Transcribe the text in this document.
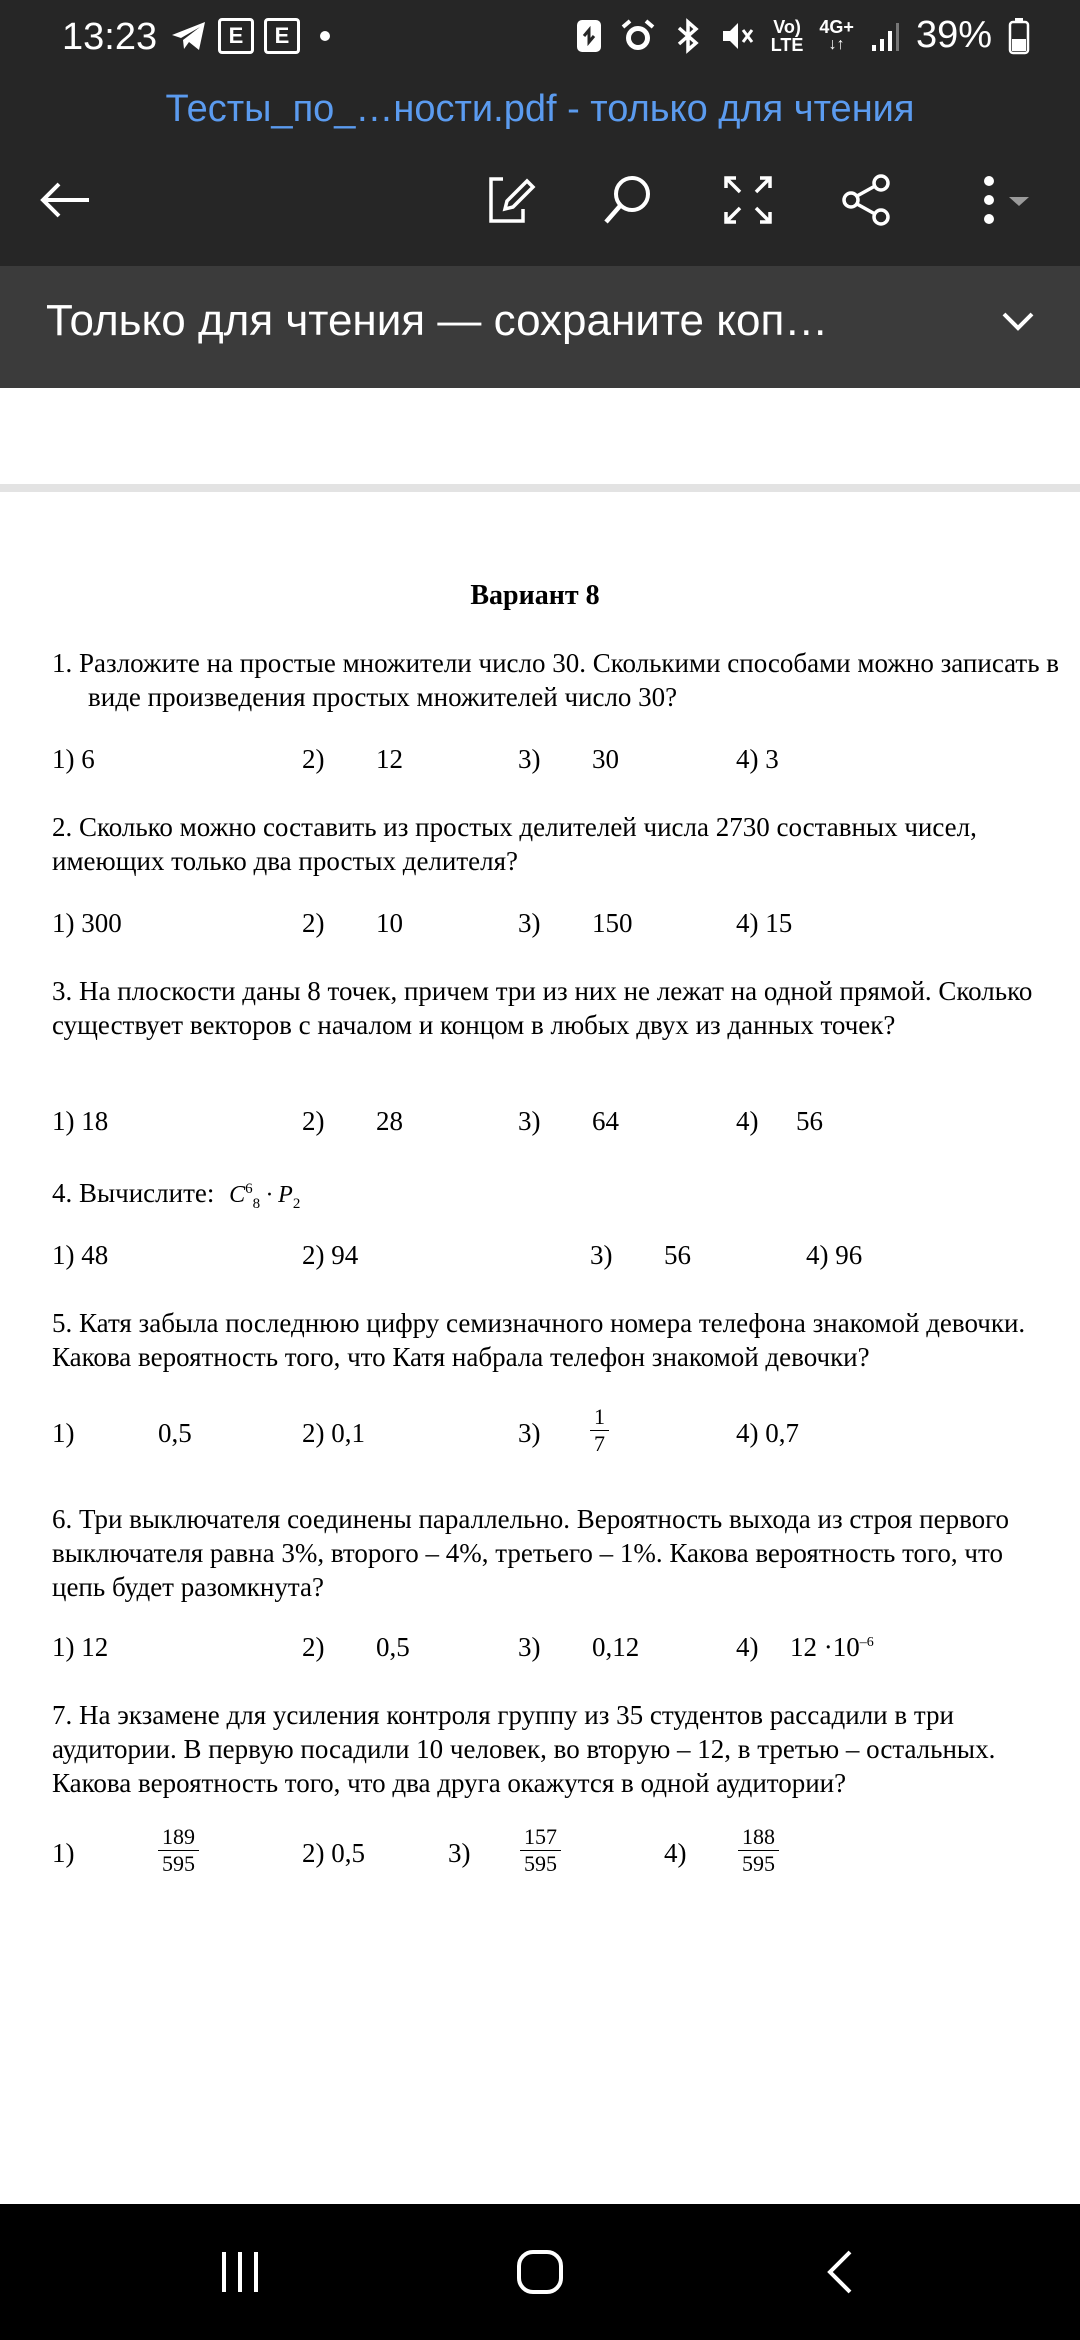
13:23	E E	Vo)
LTE
4G+
↓↑ 39%
Тесты_по_…ности.pdf - только для чтения
Только для чтения — сохраните коп…
Вариант 8
1. Разложите на простые множители число 30. Сколькими способами можно записать в виде произведения простых множителей число 30?
1) 6	2) 12	3) 30	4) 3
2. Сколько можно составить из простых делителей числа 2730 составных чисел, имеющих только два простых делителя?
1) 300	2) 10	3) 150	4) 15
3. На плоскости даны 8 точек, причем три из них не лежат на одной прямой. Сколько существует векторов с началом и концом в любых двух из данных точек?
1) 18	2) 28	3) 64	4) 56
4. Вычислите: $C^6_8 \cdot P_2$
1) 48	2) 94	3) 56	4) 96
5. Катя забыла последнюю цифру семизначного номера телефона знакомой девочки. Какова вероятность того, что Катя набрала телефон знакомой девочки?
1)	0,5	2) 0,1	$3) \frac{1}{7}$	4) 0,7
6. Три выключателя соединены параллельно. Вероятность выхода из строя первого выключателя равна 3%, второго – 4%, третьего – 1%. Какова вероятность того, что цепь будет разомкнута?
1) 12	2) 0,5	3) 0,12	4) $12 \cdot 10^{-6}$
7. На экзамене для усиления контроля группу из 35 студентов рассадили в три аудитории. В первую посадили 10 человек, во вторую – 12, в третью – остальных. Какова вероятность того, что два друга окажутся в одной аудитории?
1)	$\frac{189}{595}$	2) 0,5	$3) \frac{157}{595}$	$4) \frac{188}{595}$
